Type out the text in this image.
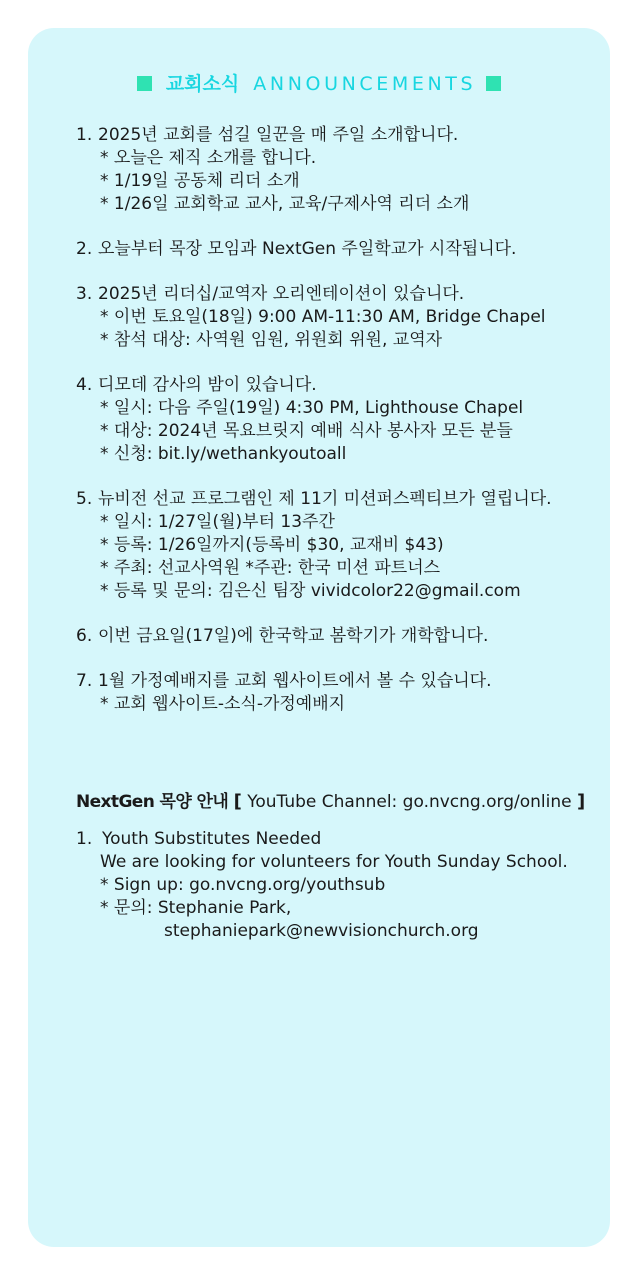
교회소식 ANNOUNCEMENTS
1. 2025년 교회를 섬길 일꾼을 매 주일 소개합니다.
* 오늘은 제직 소개를 합니다.
* 1/19일 공동체 리더 소개
* 1/26일 교회학교 교사, 교육/구제사역 리더 소개
2. 오늘부터 목장 모임과 NextGen 주일학교가 시작됩니다.
3. 2025년 리더십/교역자 오리엔테이션이 있습니다.
* 이번 토요일(18일) 9:00 AM-11:30 AM, Bridge Chapel
* 참석 대상: 사역원 임원, 위원회 위원, 교역자
4. 디모데 감사의 밤이 있습니다.
* 일시: 다음 주일(19일) 4:30 PM, Lighthouse Chapel
* 대상: 2024년 목요브릿지 예배 식사 봉사자 모든 분들
* 신청: bit.ly/wethankyoutoall
5. 뉴비전 선교 프로그램인 제 11기 미션퍼스펙티브가 열립니다.
* 일시: 1/27일(월)부터 13주간
* 등록: 1/26일까지(등록비 $30, 교재비 $43)
* 주최: 선교사역원 *주관: 한국 미션 파트너스
* 등록 및 문의: 김은신 팀장 vividcolor22@gmail.com
6. 이번 금요일(17일)에 한국학교 봄학기가 개학합니다.
7. 1월 가정예배지를 교회 웹사이트에서 볼 수 있습니다.
* 교회 웹사이트-소식-가정예배지
NextGen 목양 안내 [ YouTube Channel: go.nvcng.org/online ]
1. Youth Substitutes Needed
We are looking for volunteers for Youth Sunday School.
* Sign up: go.nvcng.org/youthsub
* 문의: Stephanie Park,
stephaniepark@newvisionchurch.org
